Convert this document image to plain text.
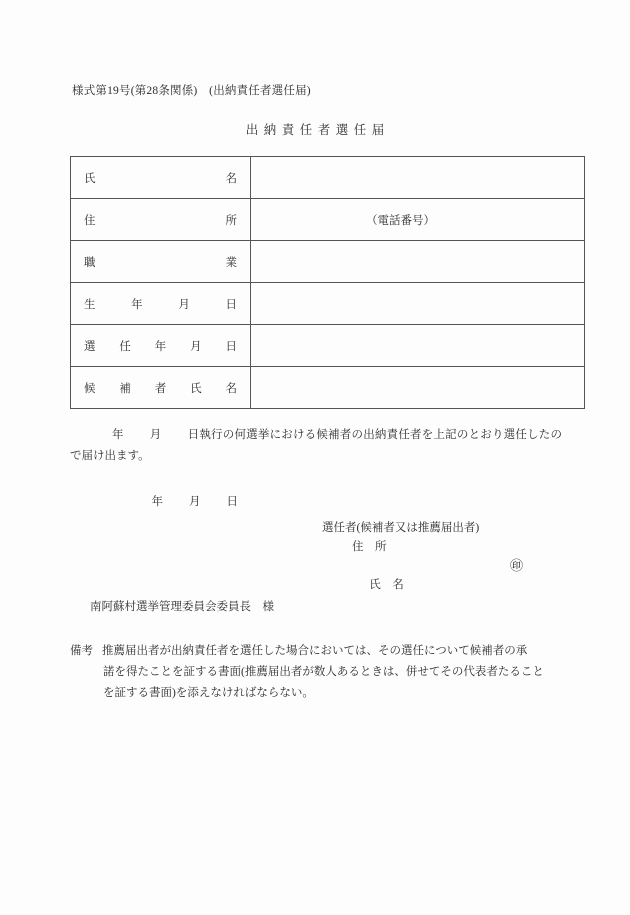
様式第19号(第28条関係)　(出納責任者選任届)
出納責任者選任届
氏 名	

住 所	（電話番号）

職 業	

生 年 月 日	

選 任 年 月 日	

候 補 者 氏 名	

年 月 日執行の何選挙における候補者の出納責任者を上記のとおり選任したので届け出ます。

年 月 日

選任者(候補者又は推薦届出者)
住　所

氏　名

㊞

南阿蘇村選挙管理委員会委員長　様
備考 推薦届出者が出納責任者を選任した場合においては、その選任について候補者の承
諾を得たことを証する書面(推薦届出者が数人あるときは、併せてその代表者たること
を証する書面)を添えなければならない。
